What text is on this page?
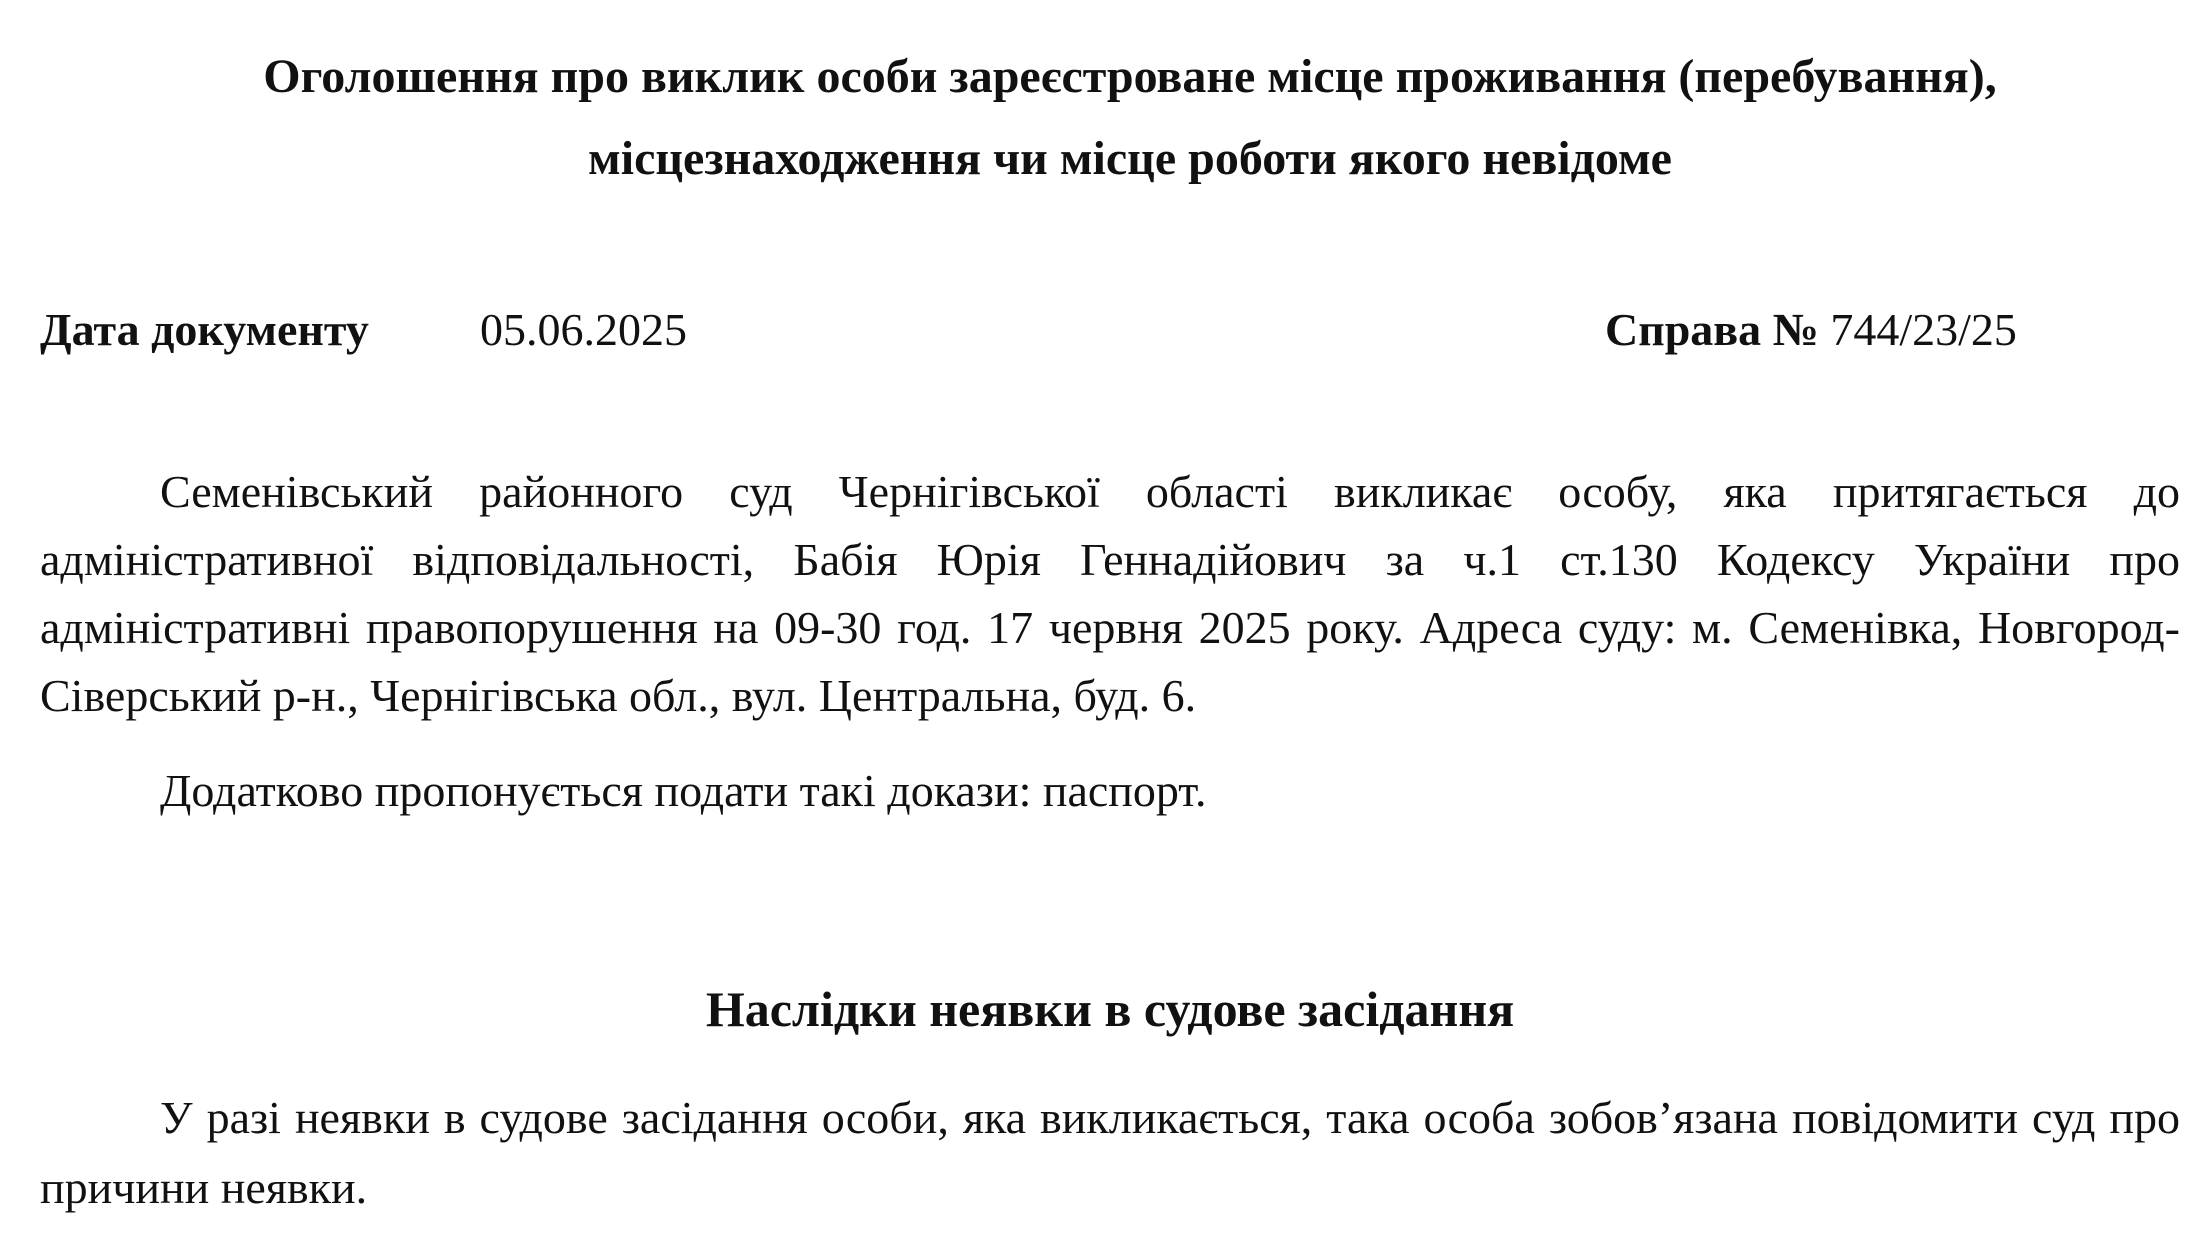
Оголошення про виклик особи зареєстроване місце проживання (перебування),
місцезнаходження чи місце роботи якого невідоме
Дата документу 05.06.2025	Справа № 744/23/25

Семенівський районного суд Чернігівської області викликає особу, яка притягається до адміністративної відповідальності, Бабія Юрія Геннадійович за ч.1 ст.130 Кодексу України про адміністративні правопорушення на 09-30 год. 17 червня 2025 року. Адреса суду: м. Семенівка, Новгород-Сіверський р-н., Чернігівська обл., вул. Центральна, буд. 6.

Додатково пропонується подати такі докази: паспорт.

Наслідки неявки в судове засідання

У разі неявки в судове засідання особи, яка викликається, така особа зобов’язана повідомити суд про причини неявки.
